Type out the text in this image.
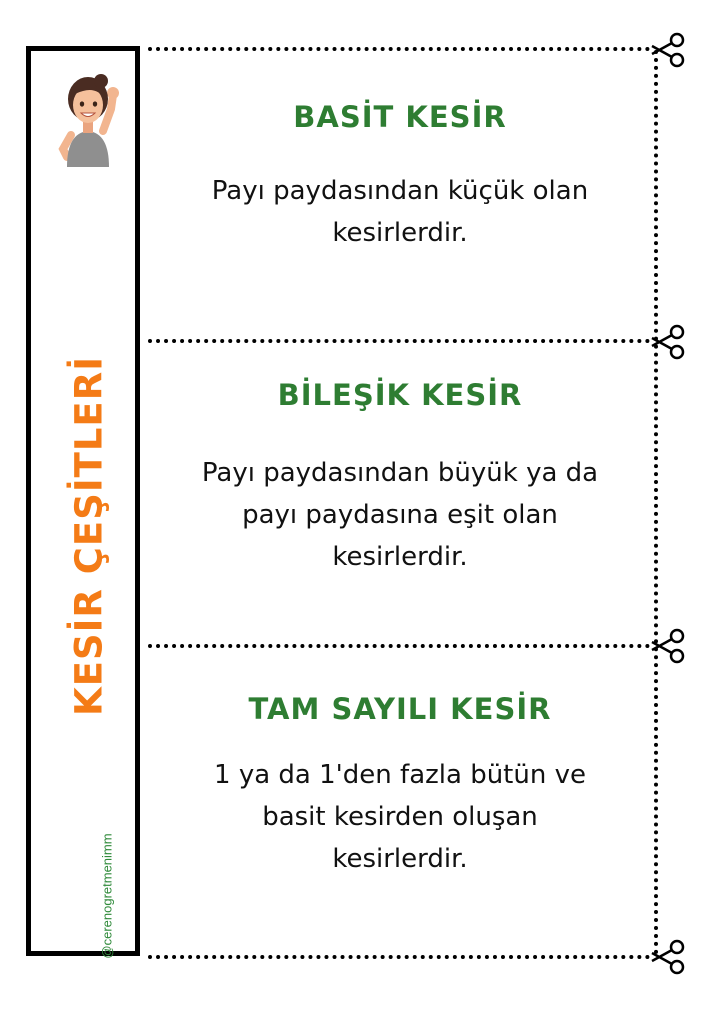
KESİR ÇEŞİTLERİ
@cerenogretmenimm
BASİT KESİR
Payı paydasından küçük olan
kesirlerdir.
BİLEŞİK KESİR
Payı paydasından büyük ya da
payı paydasına eşit olan
kesirlerdir.
TAM SAYILI KESİR
1 ya da 1'den fazla bütün ve
basit kesirden oluşan
kesirlerdir.
